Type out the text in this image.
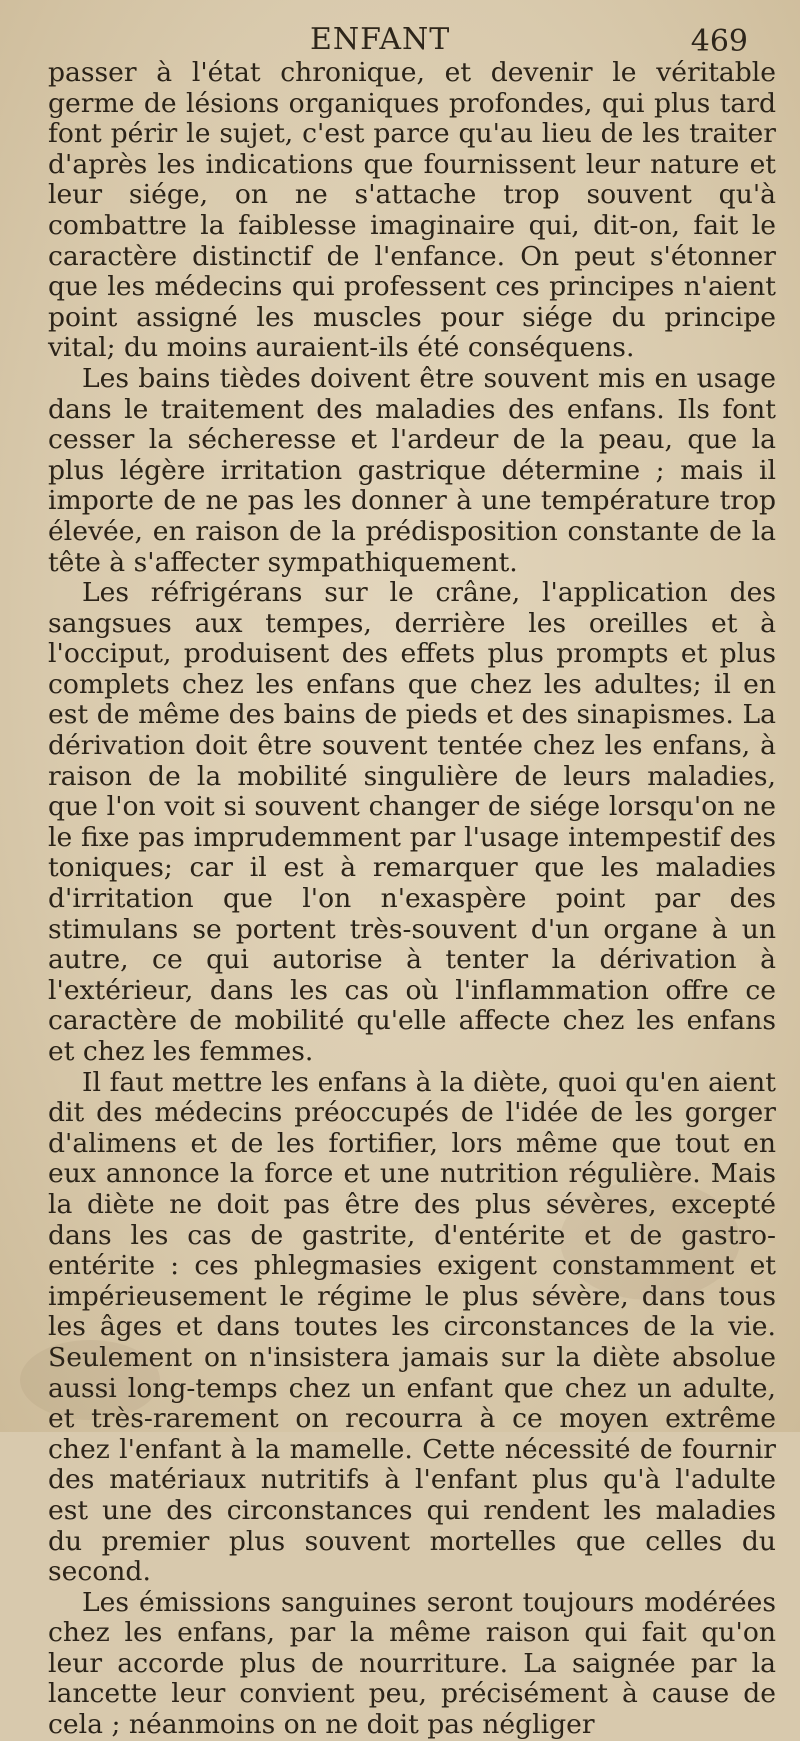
ENFANT	469

passer à l'état chronique, et devenir le véritable germe de lésions organiques profondes, qui plus tard font périr le sujet, c'est parce qu'au lieu de les traiter d'après les indications que fournissent leur nature et leur siége, on ne s'attache trop souvent qu'à combattre la faiblesse imaginaire qui, dit-on, fait le caractère distinctif de l'enfance. On peut s'étonner que les médecins qui professent ces principes n'aient point assigné les muscles pour siége du principe vital; du moins auraient-ils été conséquens.

Les bains tièdes doivent être souvent mis en usage dans le traitement des maladies des enfans. Ils font cesser la sécheresse et l'ardeur de la peau, que la plus légère irritation gastrique détermine ; mais il importe de ne pas les donner à une température trop élevée, en raison de la prédisposition constante de la tête à s'affecter sympathiquement.

Les réfrigérans sur le crâne, l'application des sangsues aux tempes, derrière les oreilles et à l'occiput, produisent des effets plus prompts et plus complets chez les enfans que chez les adultes; il en est de même des bains de pieds et des sinapismes. La dérivation doit être souvent tentée chez les enfans, à raison de la mobilité singulière de leurs maladies, que l'on voit si souvent changer de siége lorsqu'on ne le fixe pas imprudemment par l'usage intempestif des toniques; car il est à remarquer que les maladies d'irritation que l'on n'exaspère point par des stimulans se portent très-souvent d'un organe à un autre, ce qui autorise à tenter la dérivation à l'extérieur, dans les cas où l'inflammation offre ce caractère de mobilité qu'elle affecte chez les enfans et chez les femmes.

Il faut mettre les enfans à la diète, quoi qu'en aient dit des médecins préoccupés de l'idée de les gorger d'alimens et de les fortifier, lors même que tout en eux annonce la force et une nutrition régulière. Mais la diète ne doit pas être des plus sévères, excepté dans les cas de gastrite, d'entérite et de gastro-entérite : ces phlegmasies exigent constamment et impérieusement le régime le plus sévère, dans tous les âges et dans toutes les circonstances de la vie. Seulement on n'insistera jamais sur la diète absolue aussi long-temps chez un enfant que chez un adulte, et très-rarement on recourra à ce moyen extrême chez l'enfant à la mamelle. Cette nécessité de fournir des matériaux nutritifs à l'enfant plus qu'à l'adulte est une des circonstances qui rendent les maladies du premier plus souvent mortelles que celles du second.

Les émissions sanguines seront toujours modérées chez les enfans, par la même raison qui fait qu'on leur accorde plus de nourriture. La saignée par la lancette leur convient peu, précisément à cause de cela ; néanmoins on ne doit pas négliger
